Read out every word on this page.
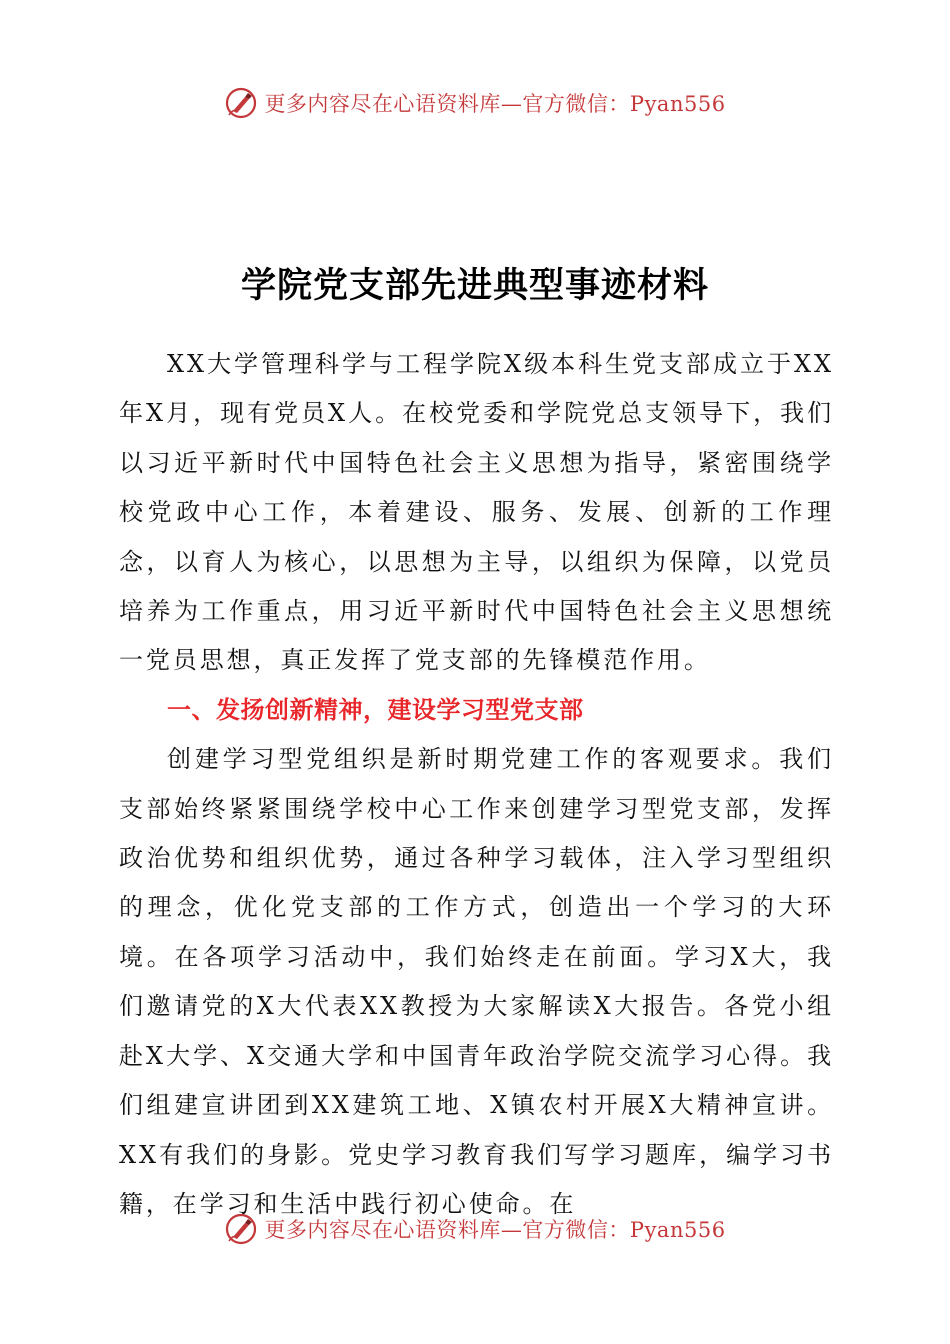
更多内容尽在心语资料库—官方微信：Pyan556
学院党支部先进典型事迹材料

XX大学管理科学与工程学院X级本科生党支部成立于XX年X月，现有党员X人。在校党委和学院党总支领导下，我们以习近平新时代中国特色社会主义思想为指导，紧密围绕学校党政中心工作，本着建设、服务、发展、创新的工作理念，以育人为核心，以思想为主导，以组织为保障，以党员培养为工作重点，用习近平新时代中国特色社会主义思想统一党员思想，真正发挥了党支部的先锋模范作用。

一、发扬创新精神，建设学习型党支部

创建学习型党组织是新时期党建工作的客观要求。我们支部始终紧紧围绕学校中心工作来创建学习型党支部，发挥政治优势和组织优势，通过各种学习载体，注入学习型组织的理念，优化党支部的工作方式，创造出一个学习的大环境。在各项学习活动中，我们始终走在前面。学习X大，我们邀请党的X大代表XX教授为大家解读X大报告。各党小组赴X大学、X交通大学和中国青年政治学院交流学习心得。我们组建宣讲团到XX建筑工地、X镇农村开展X大精神宣讲。XX有我们的身影。党史学习教育我们写学习题库，编学习书籍，在学习和生活中践行初心使命。在

更多内容尽在心语资料库—官方微信：Pyan556
